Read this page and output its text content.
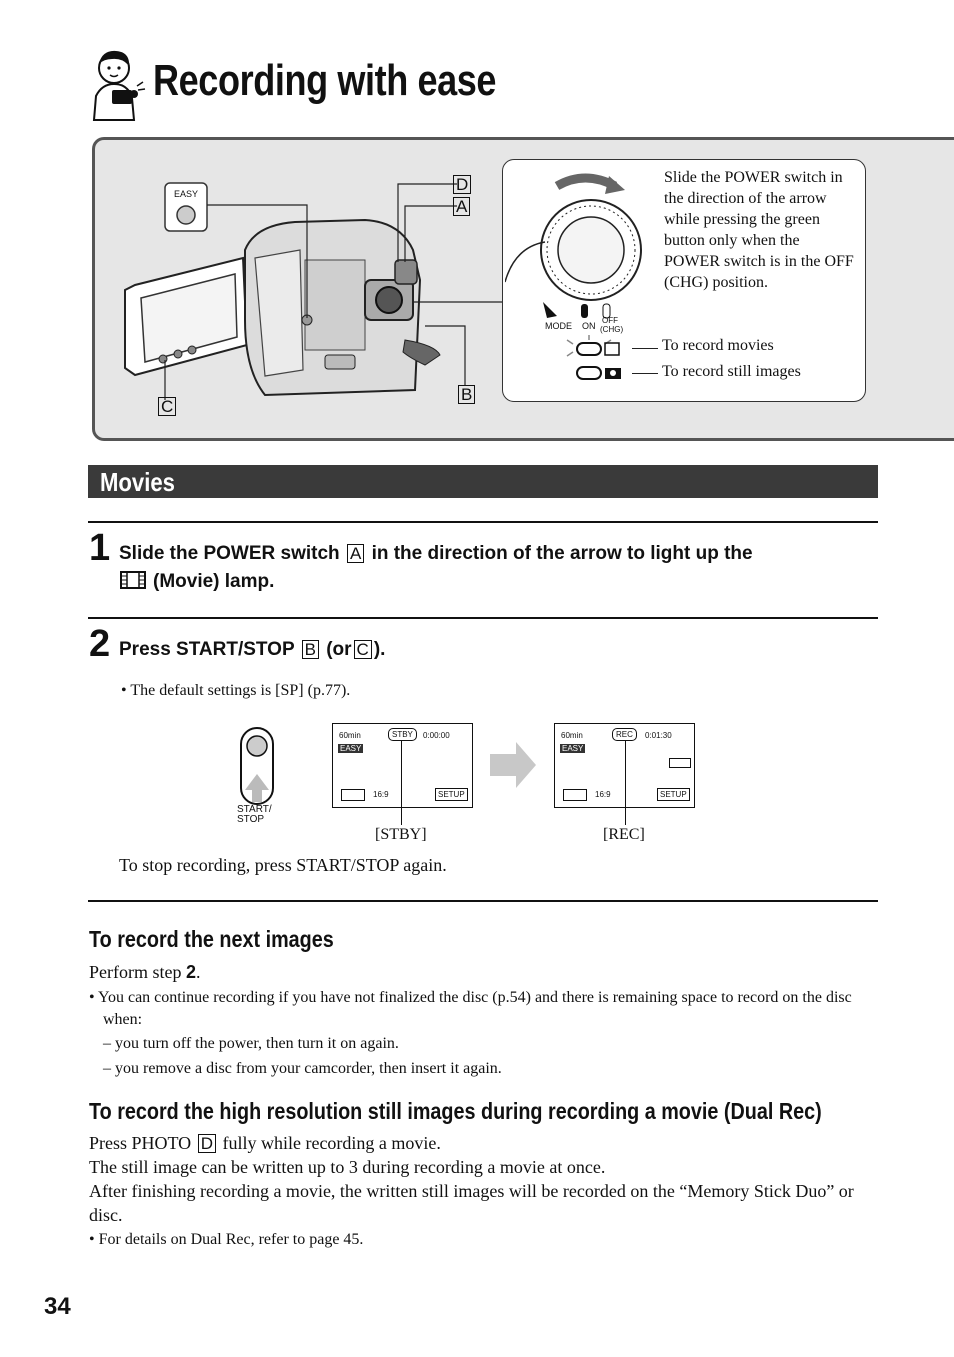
Recording with ease
EASY	D
A
C
B
Slide the POWER switch in the direction of the arrow while pressing the green button only when the POWER switch is in the OFF (CHG) position.
MODE ON
OFF
(CHG)
To record movies
To record still images
Movies
1 Slide the POWER switch A in the direction of the arrow to light up the
(Movie) lamp.
2 Press START/STOP B (or C ).
• The default settings is [SP] (p.77).
START/
STOP
60min	STBY	0:00:00
EASY
16:9	SETUP
[STBY]
60min	REC	0:01:30
EASY
16:9	SETUP
[REC]
To stop recording, press START/STOP again.
To record the next images
Perform step 2.
• You can continue recording if you have not finalized the disc (p.54) and there is remaining space to record on the disc when:
– you turn off the power, then turn it on again.
– you remove a disc from your camcorder, then insert it again.
To record the high resolution still images during recording a movie (Dual Rec)
Press PHOTO D fully while recording a movie.
The still image can be written up to 3 during recording a movie at once.
After finishing recording a movie, the written still images will be recorded on the “Memory Stick Duo” or disc.
• For details on Dual Rec, refer to page 45.
34
